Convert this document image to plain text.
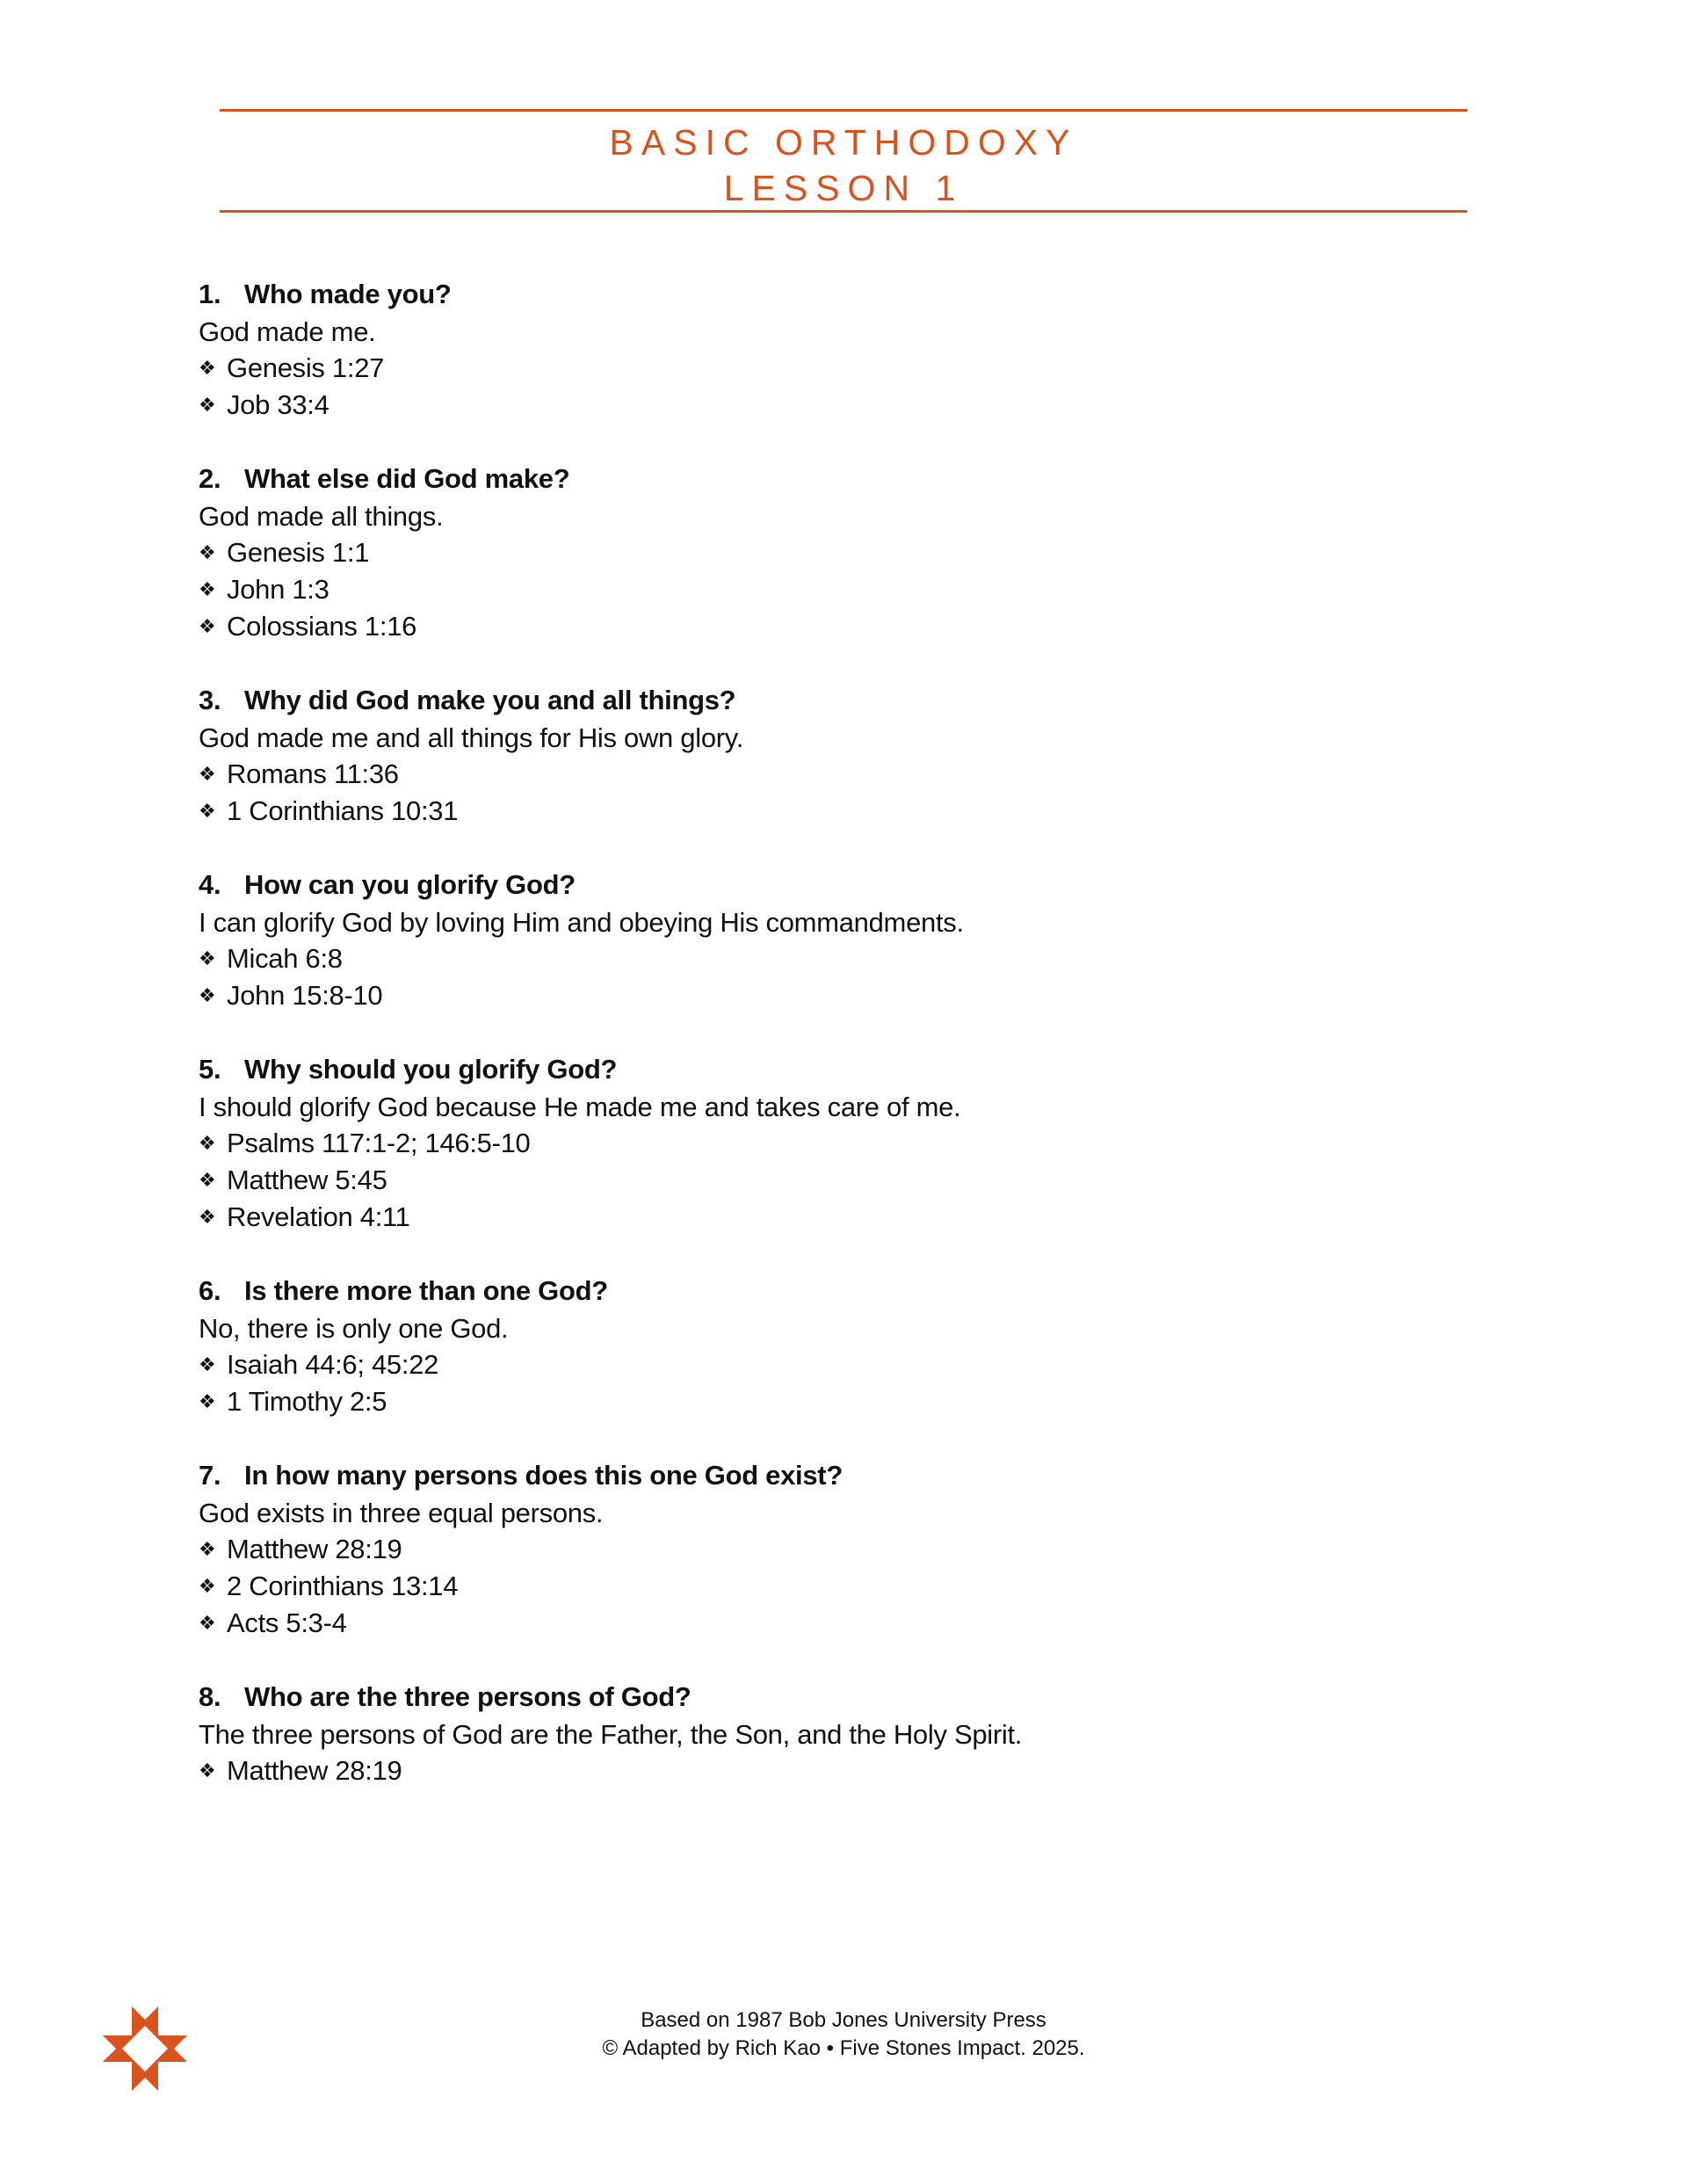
BASIC ORTHODOXY
LESSON 1
1. Who made you?
God made me.
❖ Genesis 1:27
❖ Job 33:4
2. What else did God make?
God made all things.
❖ Genesis 1:1
❖ John 1:3
❖ Colossians 1:16
3. Why did God make you and all things?
God made me and all things for His own glory.
❖ Romans 11:36
❖ 1 Corinthians 10:31
4. How can you glorify God?
I can glorify God by loving Him and obeying His commandments.
❖ Micah 6:8
❖ John 15:8-10
5. Why should you glorify God?
I should glorify God because He made me and takes care of me.
❖ Psalms 117:1-2; 146:5-10
❖ Matthew 5:45
❖ Revelation 4:11
6. Is there more than one God?
No, there is only one God.
❖ Isaiah 44:6; 45:22
❖ 1 Timothy 2:5
7. In how many persons does this one God exist?
God exists in three equal persons.
❖ Matthew 28:19
❖ 2 Corinthians 13:14
❖ Acts 5:3-4
8. Who are the three persons of God?
The three persons of God are the Father, the Son, and the Holy Spirit.
❖ Matthew 28:19
Based on 1987 Bob Jones University Press
© Adapted by Rich Kao • Five Stones Impact. 2025.
